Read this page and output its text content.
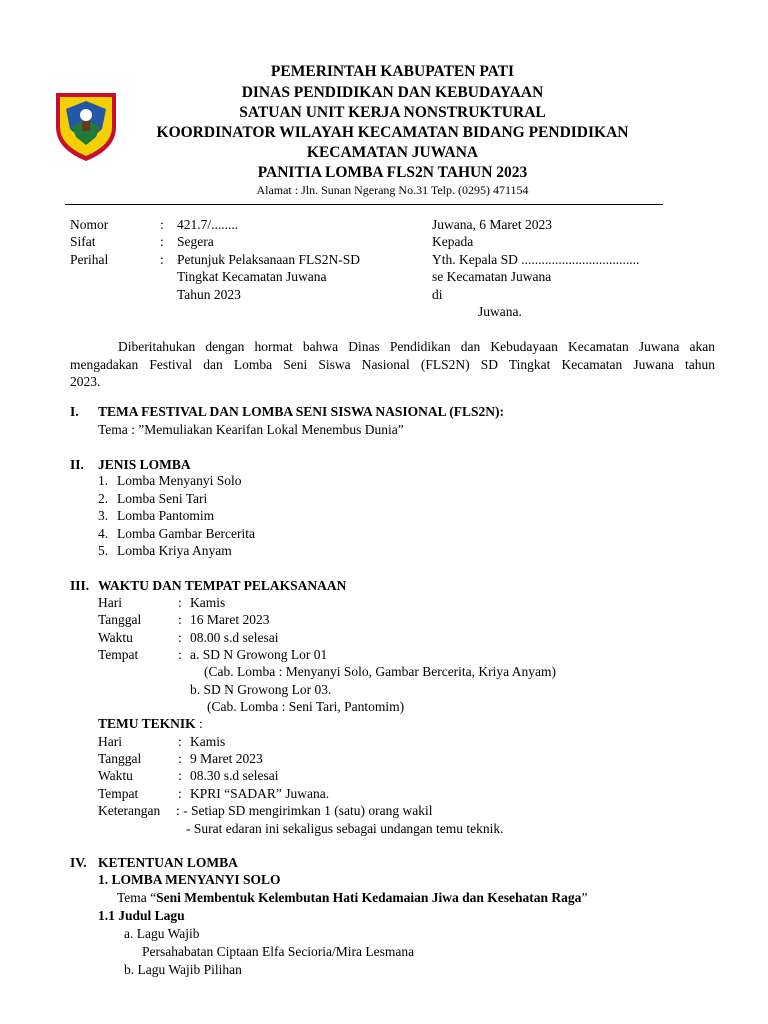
PEMERINTAH KABUPATEN PATI
DINAS PENDIDIKAN DAN KEBUDAYAAN
SATUAN UNIT KERJA NONSTRUKTURAL
KOORDINATOR WILAYAH KECAMATAN BIDANG PENDIDIKAN
KECAMATAN JUWANA
PANITIA LOMBA FLS2N TAHUN 2023
Alamat : Jln. Sunan Ngerang No.31 Telp. (0295) 471154
Nomor	: 421.7/........
Sifat	: Segera
Perihal	: Petunjuk Pelaksanaan FLS2N-SD
Tingkat Kecamatan Juwana
Tahun 2023
Juwana, 6 Maret 2023
Kepada
Yth. Kepala SD ...................................
se Kecamatan Juwana
di
Juwana.
Diberitahukan dengan hormat bahwa Dinas Pendidikan dan Kebudayaan Kecamatan Juwana akan
mengadakan Festival dan Lomba Seni Siswa Nasional (FLS2N) SD Tingkat Kecamatan Juwana tahun
2023.
I. TEMA FESTIVAL DAN LOMBA SENI SISWA NASIONAL (FLS2N):
Tema : ”Memuliakan Kearifan Lokal Menembus Dunia”
II. JENIS LOMBA
1. Lomba Menyanyi Solo
2. Lomba Seni Tari
3. Lomba Pantomim
4. Lomba Gambar Bercerita
5. Lomba Kriya Anyam
III. WAKTU DAN TEMPAT PELAKSANAAN
Hari	: Kamis
Tanggal	: 16 Maret 2023
Waktu	: 08.00 s.d selesai
Tempat	: a. SD N Growong Lor 01
(Cab. Lomba : Menyanyi Solo, Gambar Bercerita, Kriya Anyam)
b. SD N Growong Lor 03.
(Cab. Lomba : Seni Tari, Pantomim)
TEMU TEKNIK :
Hari	: Kamis
Tanggal	: 9 Maret 2023
Waktu	: 08.30 s.d selesai
Tempat	: KPRI “SADAR” Juwana.
Keterangan : - Setiap SD mengirimkan 1 (satu) orang wakil
- Surat edaran ini sekaligus sebagai undangan temu teknik.
IV. KETENTUAN LOMBA
1. LOMBA MENYANYI SOLO
Tema “Seni Membentuk Kelembutan Hati Kedamaian Jiwa dan Kesehatan Raga”
1.1 Judul Lagu
a. Lagu Wajib
Persahabatan Ciptaan Elfa Secioria/Mira Lesmana
b. Lagu Wajib Pilihan
